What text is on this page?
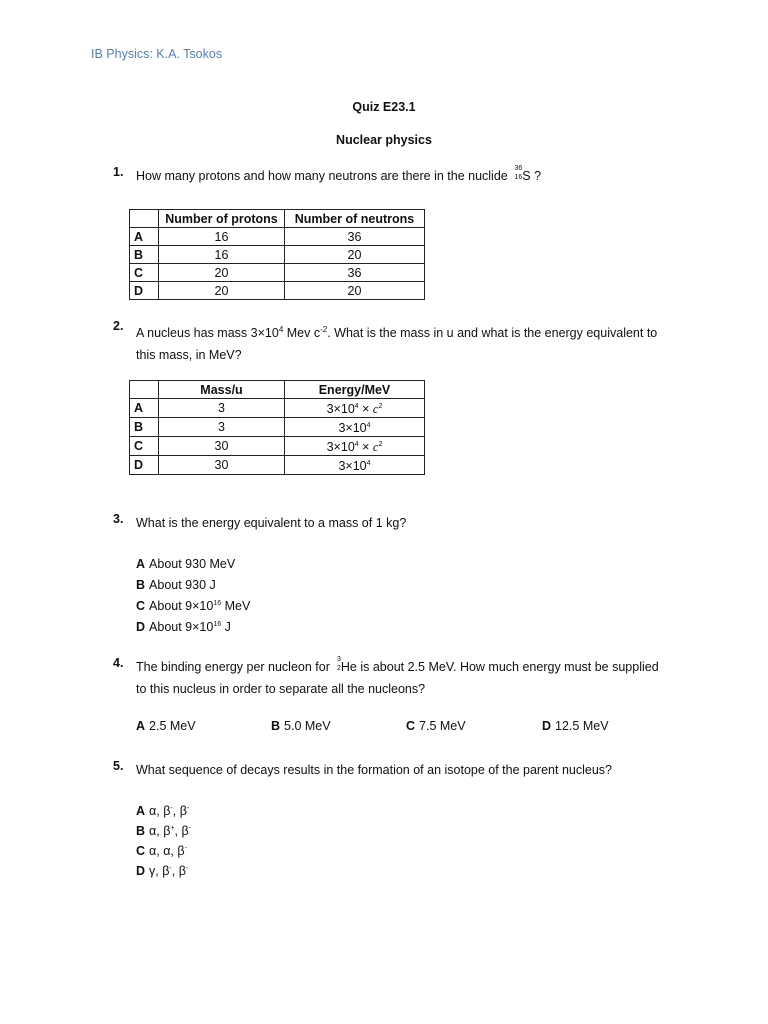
IB Physics: K.A. Tsokos
Quiz E23.1
Nuclear physics
1. How many protons and how many neutrons are there in the nuclide
36
16 S ?
	Number of protons	Number of neutrons
A	16	36
B	16	20
C	20	36
D	20	20
2. A nucleus has mass $3\times 10^4$ Mev $c^{-2}$. What is the mass in u and what is the energy equivalent to this mass, in MeV?
	Mass/u	Energy/MeV
A	3	$3\times 10^4 \times c^2$
B	3	$3\times 10^4$
C	30	$3\times 10^4 \times c^2$
D	30	$3\times 10^4$
3. What is the energy equivalent to a mass of 1 kg?
A About 930 MeV
B About 930 J
C About $9\times 10^{16}$ MeV
D About $9\times 10^{16}$ J
4. The binding energy per nucleon for
3
2 He is about 2.5 MeV. How much energy must be supplied to this nucleus in order to separate all the nucleons?
A 2.5 MeV	B 5.0 MeV	C 7.5 MeV	D 12.5 MeV
5. What sequence of decays results in the formation of an isotope of the parent nucleus?
A α, β-, β-
B α, β+, β-
C α, α, β-
D γ, β-, β-
